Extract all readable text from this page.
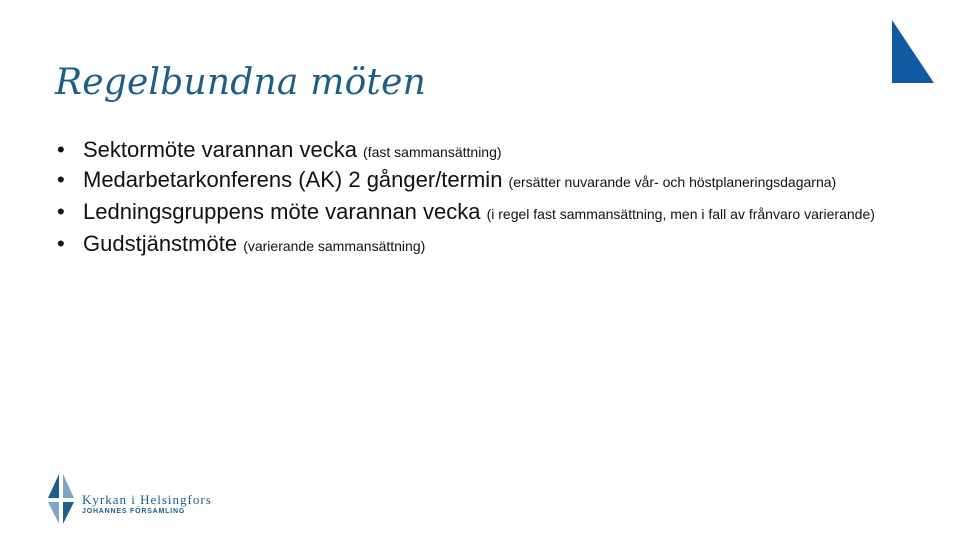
Regelbundna möten
• Sektormöte varannan vecka (fast sammansättning)
• Medarbetarkonferens (AK) 2 gånger/termin (ersätter nuvarande vår- och höstplaneringsdagarna)
• Ledningsgruppens möte varannan vecka (i regel fast sammansättning, men i fall av frånvaro varierande)
• Gudstjänstmöte (varierande sammansättning)
Kyrkan i Helsingfors
JOHANNES FÖRSAMLING
